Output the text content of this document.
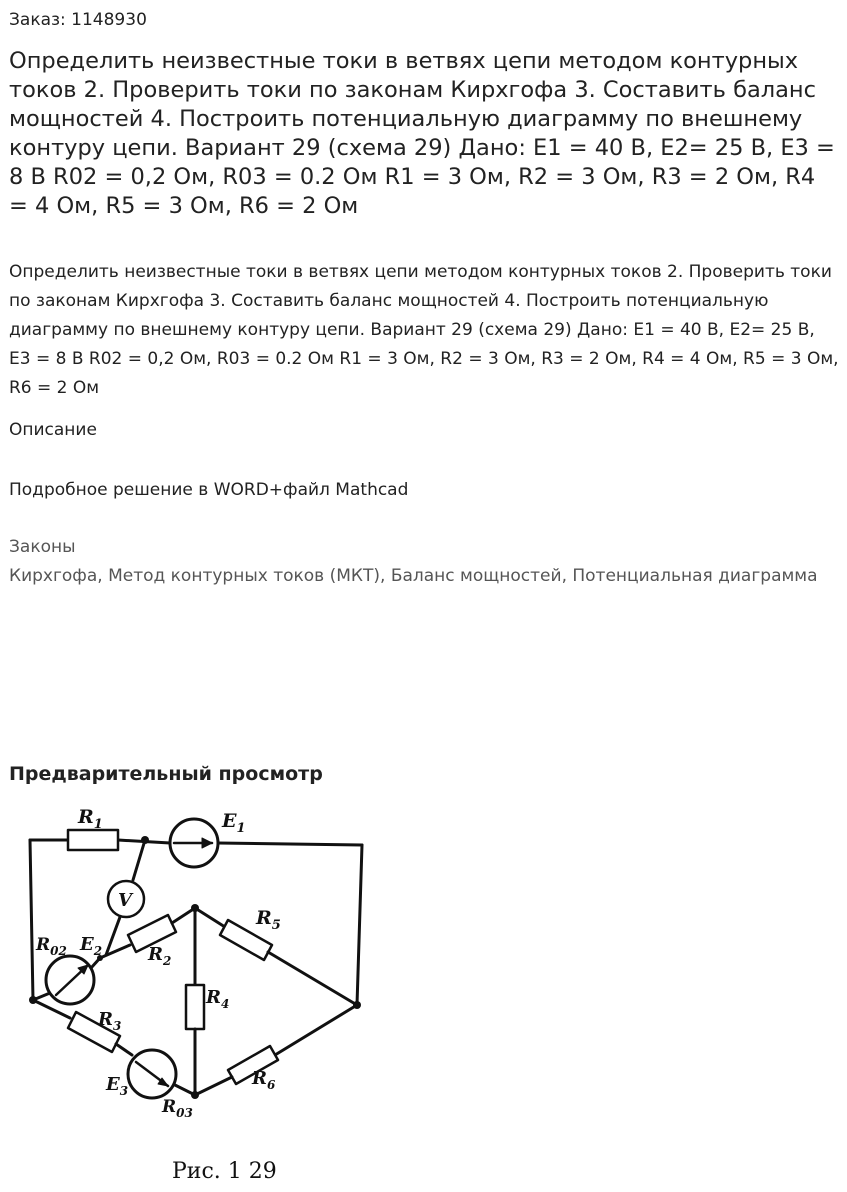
Заказ: 1148930
Определить неизвестные токи в ветвях цепи методом контурных токов 2. Проверить токи по законам Кирхгофа 3. Составить баланс мощностей 4. Построить потенциальную диаграмму по внешнему контуру цепи. Вариант 29 (схема 29) Дано: E1 = 40 В, E2= 25 В, E3 = 8 В R02 = 0,2 Ом, R03 = 0.2 Ом R1 = 3 Ом, R2 = 3 Ом, R3 = 2 Ом, R4 = 4 Ом, R5 = 3 Ом, R6 = 2 Ом

Определить неизвестные токи в ветвях цепи методом контурных токов 2. Проверить токи по законам Кирхгофа 3. Составить баланс мощностей 4. Построить потенциальную диаграмму по внешнему контуру цепи. Вариант 29 (схема 29) Дано: E1 = 40 В, E2= 25 В, E3 = 8 В R02 = 0,2 Ом, R03 = 0.2 Ом R1 = 3 Ом, R2 = 3 Ом, R3 = 2 Ом, R4 = 4 Ом, R5 = 3 Ом, R6 = 2 Ом

Описание
Подробное решение в WORD+файл Mathcad
Законы
Кирхгофа, Метод контурных токов (МКТ), Баланс мощностей, Потенциальная диаграмма
Предварительный просмотр
$R_1$	$E_1$
V
$R_{02}$ $E_2$	$R_2$
$R_5$
$R_4$
$R_3$
$E_3$
$R_{03}$
$R_6$
Рис. 1 29
